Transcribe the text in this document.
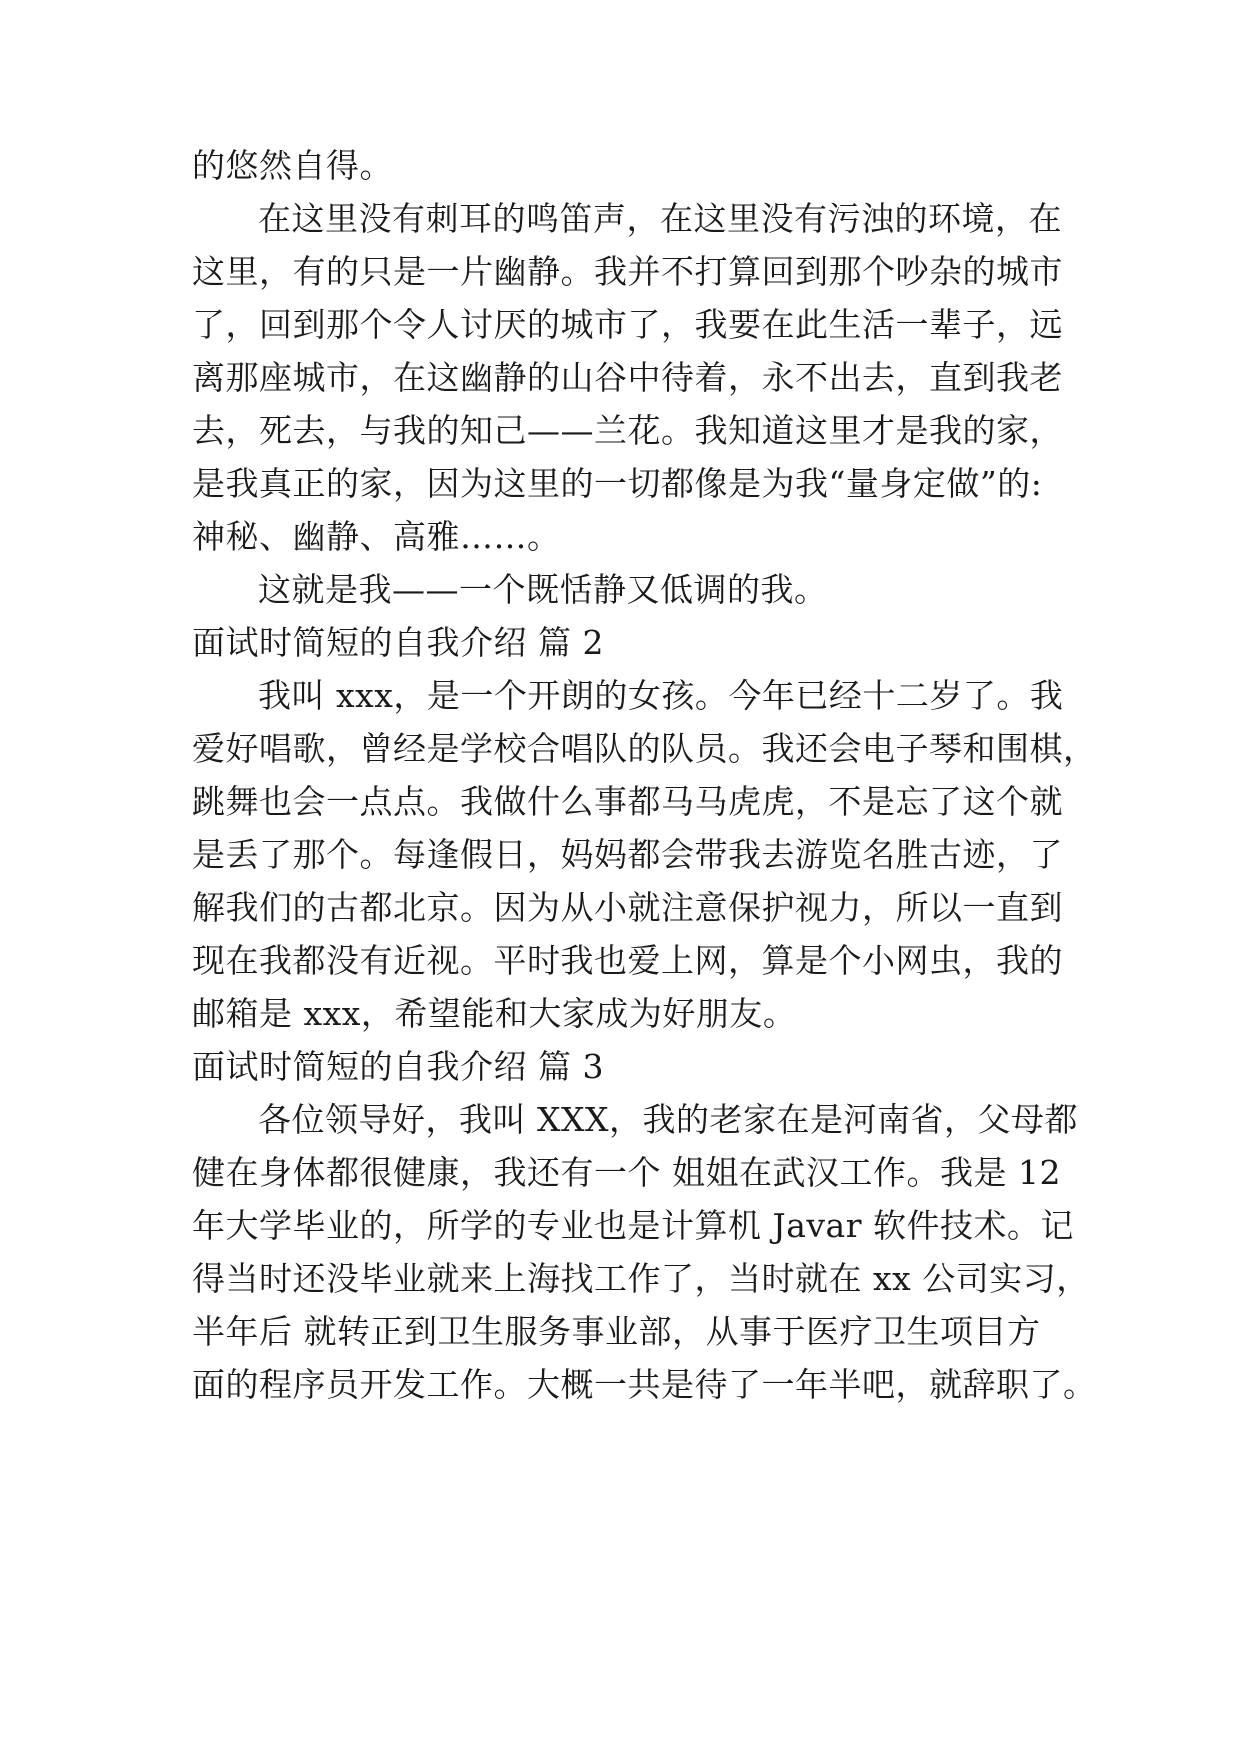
的悠然自得。
在这里没有刺耳的鸣笛声，在这里没有污浊的环境，在
这里，有的只是一片幽静。我并不打算回到那个吵杂的城市
了，回到那个令人讨厌的城市了，我要在此生活一辈子，远
离那座城市，在这幽静的山谷中待着，永不出去，直到我老
去，死去，与我的知己——兰花。我知道这里才是我的家，
是我真正的家，因为这里的一切都像是为我“量身定做”的:
神秘、幽静、高雅……。
这就是我——一个既恬静又低调的我。
面试时简短的自我介绍 篇 2
我叫 xxx，是一个开朗的女孩。今年已经十二岁了。我
爱好唱歌，曾经是学校合唱队的队员。我还会电子琴和围棋，
跳舞也会一点点。我做什么事都马马虎虎，不是忘了这个就
是丢了那个。每逢假日，妈妈都会带我去游览名胜古迹，了
解我们的古都北京。因为从小就注意保护视力，所以一直到
现在我都没有近视。平时我也爱上网，算是个小网虫，我的
邮箱是 xxx，希望能和大家成为好朋友。
面试时简短的自我介绍 篇 3
各位领导好，我叫 XXX，我的老家在是河南省，父母都
健在身体都很健康，我还有一个 姐姐在武汉工作。我是 12
年大学毕业的，所学的专业也是计算机 Javar 软件技术。记
得当时还没毕业就来上海找工作了，当时就在 xx 公司实习，
半年后 就转正到卫生服务事业部，从事于医疗卫生项目方
面的程序员开发工作。大概一共是待了一年半吧，就辞职了。
